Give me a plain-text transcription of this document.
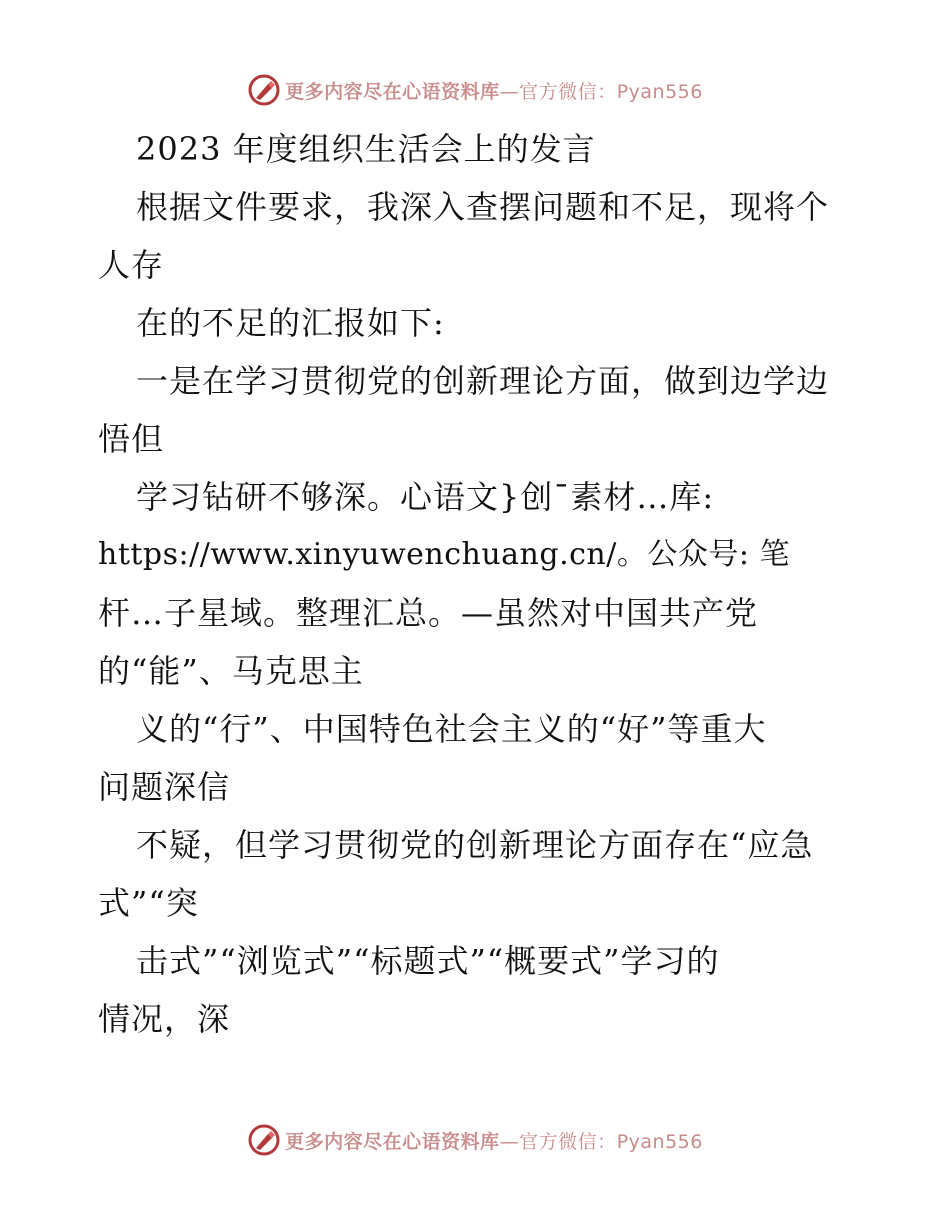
更多内容尽在心语资料库—官方微信：Pyan556
2023 年度组织生活会上的发言
根据文件要求，我深入查摆问题和不足，现将个
人存
在的不足的汇报如下:
一是在学习贯彻党的创新理论方面，做到边学边
悟但
学习钻研不够深。心语文}创¯素材…库:
https://www.xinyuwenchuang.cn/。公众号: 笔
杆…子星域。整理汇总。—虽然对中国共产党
的“能”、马克思主
义的“行”、中国特色社会主义的“好”等重大
问题深信
不疑，但学习贯彻党的创新理论方面存在“应急
式”“突
击式”“浏览式”“标题式”“概要式”学习的
情况，深
更多内容尽在心语资料库—官方微信：Pyan556
